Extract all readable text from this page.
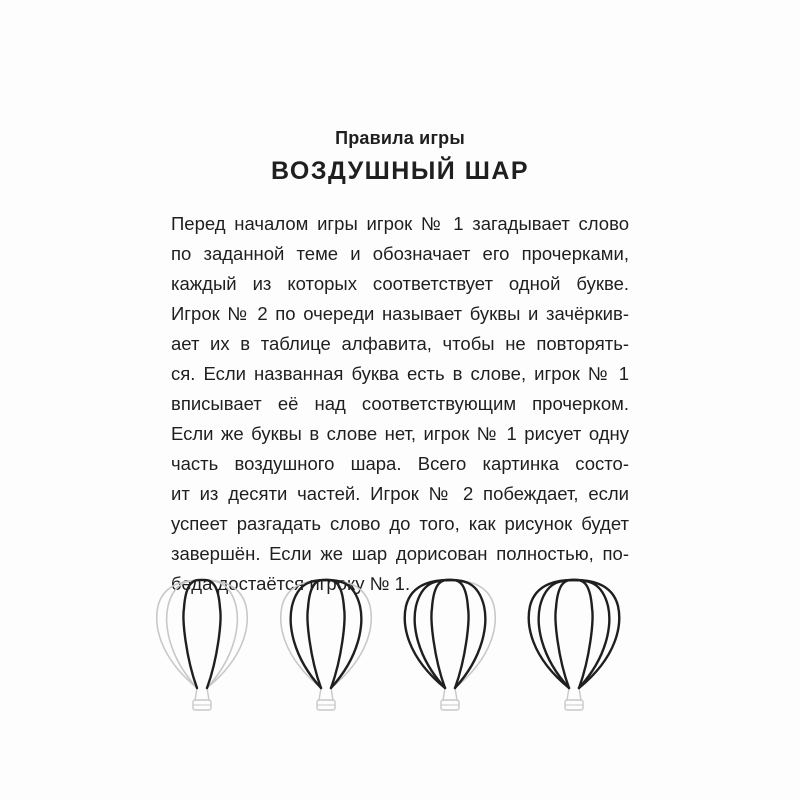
Правила игры
ВОЗДУШНЫЙ ШАР
Перед началом игры игрок № 1 загадывает слово
по заданной теме и обозначает его прочерками,
каждый из которых соответствует одной букве.
Игрок № 2 по очереди называет буквы и зачёркив-
ает их в таблице алфавита, чтобы не повторять-
ся. Если названная буква есть в слове, игрок № 1
вписывает её над соответствующим прочерком.
Если же буквы в слове нет, игрок № 1 рисует одну
часть воздушного шара. Всего картинка состо-
ит из десяти частей. Игрок № 2 побеждает, если
успеет разгадать слово до того, как рисунок будет
завершён. Если же шар дорисован полностью, по-
беда достаётся игроку № 1.
